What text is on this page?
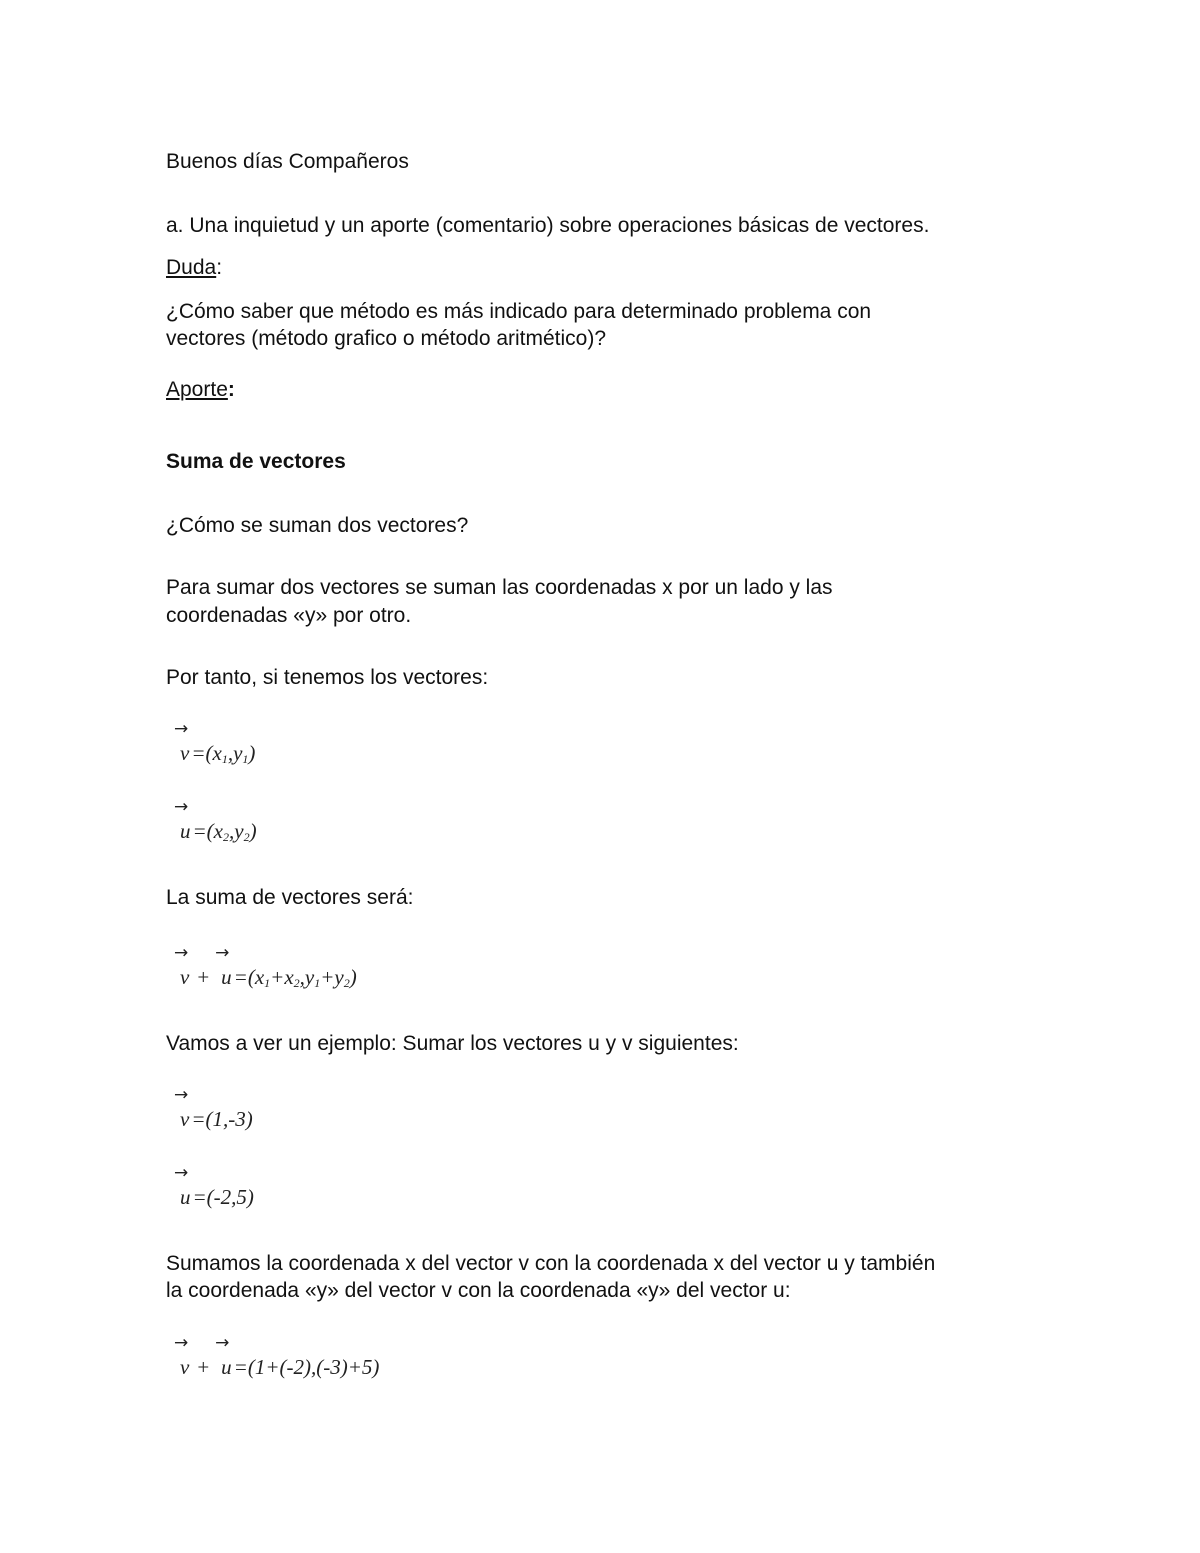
Buenos días Compañeros
a. Una inquietud y un aporte (comentario) sobre operaciones básicas de vectores.
Duda:
¿Cómo saber que método es más indicado para determinado problema con
vectores (método grafico o método aritmético)?
Aporte:
Suma de vectores
¿Cómo se suman dos vectores?
Para sumar dos vectores se suman las coordenadas x por un lado y las
coordenadas «y» por otro.
Por tanto, si tenemos los vectores:
→
$v=(x_1,y_1)$
→
$u=(x_2,y_2)$
La suma de vectores será:
→
v +
→
$u=(x_1+x_2,y_1+y_2)$
Vamos a ver un ejemplo: Sumar los vectores u y v siguientes:
→
v=(1,-3)
→
u=(-2,5)
Sumamos la coordenada x del vector v con la coordenada x del vector u y también
la coordenada «y» del vector v con la coordenada «y» del vector u:
→
v +
→
u=(1+(-2),(-3)+5)
